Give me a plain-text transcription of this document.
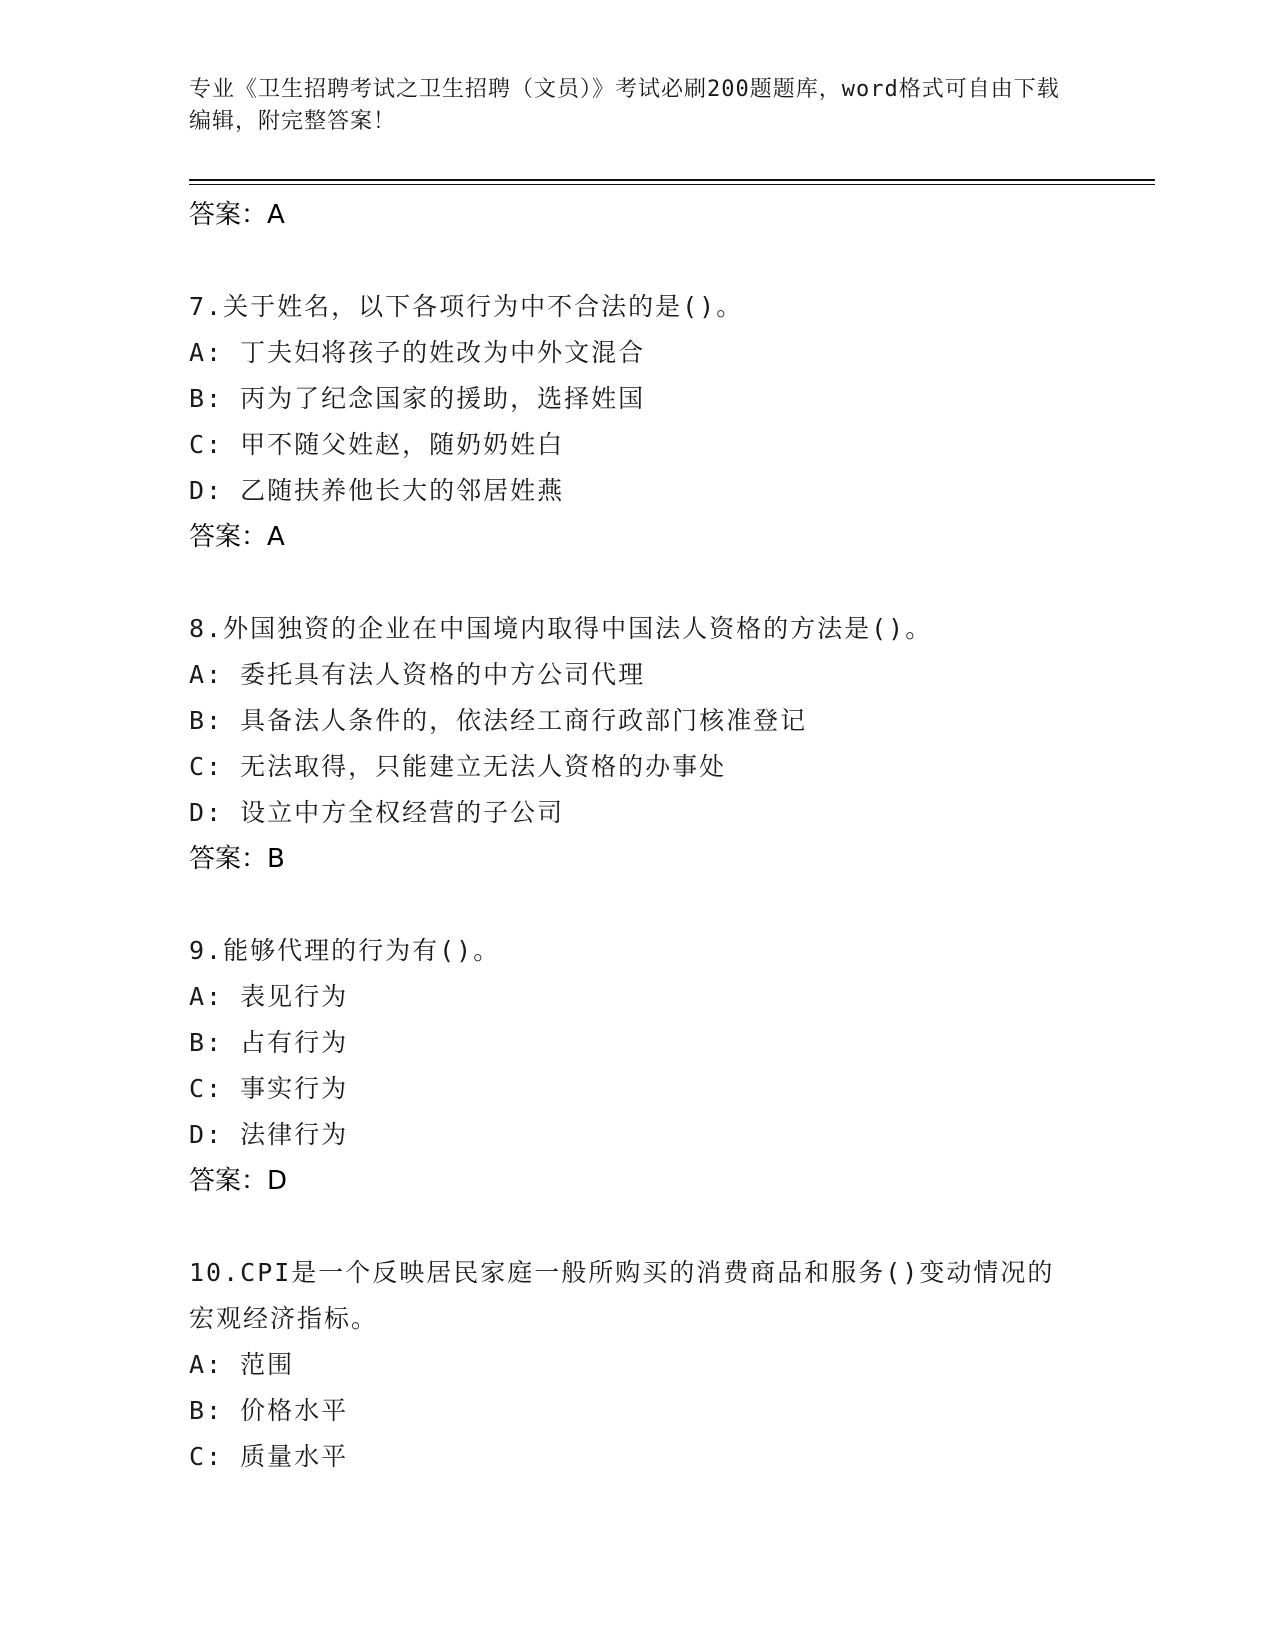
专业《卫生招聘考试之卫生招聘（文员）》考试必刷200题题库，word格式可自由下载编辑，附完整答案！
答案：A
7.关于姓名，以下各项行为中不合法的是()。
A: 丁夫妇将孩子的姓改为中外文混合
B: 丙为了纪念国家的援助，选择姓国
C: 甲不随父姓赵，随奶奶姓白
D: 乙随扶养他长大的邻居姓燕
答案：A
8.外国独资的企业在中国境内取得中国法人资格的方法是()。
A: 委托具有法人资格的中方公司代理
B: 具备法人条件的，依法经工商行政部门核准登记
C: 无法取得，只能建立无法人资格的办事处
D: 设立中方全权经营的子公司
答案：B
9.能够代理的行为有()。
A: 表见行为
B: 占有行为
C: 事实行为
D: 法律行为
答案：D
10.CPI是一个反映居民家庭一般所购买的消费商品和服务()变动情况的宏观经济指标。
A: 范围
B: 价格水平
C: 质量水平
